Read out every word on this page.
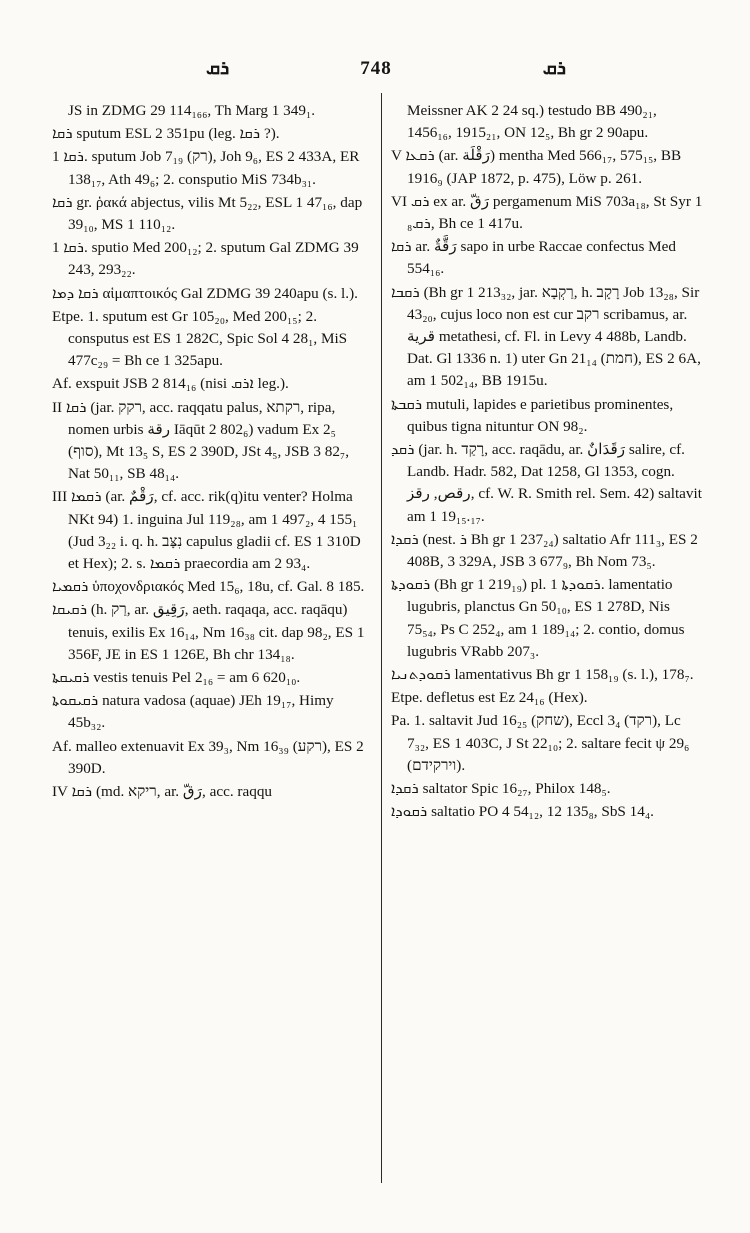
ܪܩ	748	ܪܩ

JS in ZDMG 29 114₁₆₆, Th Marg 1 349₁.

ܪܩܐ sputum ESL 2 351pu (leg. ܪܩܐ ?).

ܪܩܐ 1. sputum Job 7₁₉ (רק), Joh 9₆, ES 2 433A, ER 138₁₇, Ath 49₆; 2. consputio MiS 734b₃₁.

ܪܩܐ gr. ῥακά abjectus, vilis Mt 5₂₂, ESL 1 47₁₆, dap 39₁₀, MS 1 110₁₂.

ܪܩܐ 1. sputio Med 200₁₂; 2. sputum Gal ZDMG 39 243, 293₂₂.

ܪܩܐ ܕܡܐ αἱμαπτοικός Gal ZDMG 39 240apu (s. l.).

Etpe. 1. sputum est Gr 105₂₀, Med 200₁₅; 2. consputus est ES 1 282C, Spic Sol 4 28₁, MiS 477c₂₉ = Bh ce 1 325apu.

Af. exspuit JSB 2 814₁₆ (nisi ܐܪܩ leg.).

II ܪܩܐ (jar. רקק, acc. raqqatu palus, רקתא, ripa, nomen urbis رقة Iāqūt 2 802₆) vadum Ex 2₅ (סוף), Mt 13₅ S, ES 2 390D, JSt 4₅, JSB 3 82₇, Nat 50₁₁, SB 48₁₄.

III ܪܩܡܐ (ar. رَقْمٌ, cf. acc. rik(q)itu venter? Holma NKt 94) 1. inguina Jul 119₂₈, am 1 497₂, 4 155₁ (Jud 3₂₂ i. q. h. נִצָּב capulus gladii cf. ES 1 310D et Hex); 2. s. ܪܩܡܐ praecordia am 2 93₄.

ܪܩܡܝܐ ὑποχονδριακός Med 15₆, 18u, cf. Gal. 8 185.

ܪܩܝܩܐ (h. רַק, ar. رَقِيق, aeth. raqaqa, acc. raqāqu) tenuis, exilis Ex 16₁₄, Nm 16₃₈ cit. dap 98₂, ES 1 356F, JE in ES 1 126E, Bh chr 134₁₈.

ܪܩܝܩܬܐ vestis tenuis Pel 2₁₆ = am 6 620₁₀.

ܪܩܝܩܘܬܐ natura vadosa (aquae) JEh 19₁₇, Himy 45b₃₂.

Af. malleo extenuavit Ex 39₃, Nm 16₃₉ (רקע), ES 2 390D.

IV ܪܩܐ (md. ריקא, ar. رَقّ, acc. raqqu

Meissner AK 2 24 sq.) testudo BB 490₂₁, 1456₁₆, 1915₂₁, ON 12₅, Bh gr 2 90apu.

V ܪܩܥܐ (ar. رَقْلَة) mentha Med 566₁₇, 575₁₅, BB 1916₉ (JAP 1872, p. 475), Löw p. 261.

VI ܪܩ ex ar. رَقّ pergamenum MiS 703a₁₈, St Syr 1 ܪܩ₈, Bh ce 1 417u.

ܪܩܐ ar. رَقَّةٌ sapo in urbe Raccae confectus Med 554₁₆.

ܪܩܒܐ (Bh gr 1 213₃₂, jar. רַקְבָא, h. רָקָב Job 13₂₈, Sir 43₂₀, cujus loco non est cur רקב scribamus, ar. قرية metathesi, cf. Fl. in Levy 4 488b, Landb. Dat. Gl 1336 n. 1) uter Gn 21₁₄ (חמת), ES 2 6A, am 1 502₁₄, BB 1915u.

ܪܩܒܬܐ mutuli, lapides e parietibus prominentes, quibus tigna nituntur ON 98₂.

ܪܩܕ (jar. h. רָקַד, acc. raqādu, ar. رَقَدَانٌ salire, cf. Landb. Hadr. 582, Dat 1258, Gl 1353, cogn. رقص, رقز, cf. W. R. Smith rel. Sem. 42) saltavit am 1 19₁₅.₁₇.

ܪܩܕܐ (nest. ܪ Bh gr 1 237₂₄) saltatio Afr 111₃, ES 2 408B, 3 329A, JSB 3 677₉, Bh Nom 73₅.

ܪܩܘܕܬܐ (Bh gr 1 219₁₉) pl. ܪܩܘܕܬܐ 1. lamentatio lugubris, planctus Gn 50₁₀, ES 1 278D, Nis 75₅₄, Ps C 252₄, am 1 189₁₄; 2. contio, domus lugubris VRabb 207₃.

ܪܩܘܕܬܢܝܐ lamentativus Bh gr 1 158₁₉ (s. l.), 178₇.

Etpe. defletus est Ez 24₁₆ (Hex).

Pa. 1. saltavit Jud 16₂₅ (שחק), Eccl 3₄ (רקד), Lc 7₃₂, ES 1 403C, J St 22₁₀; 2. saltare fecit ψ 29₆ (וירקידם).

ܪܩܕܐ saltator Spic 16₂₇, Philox 148₅.

ܪܩܘܕܐ saltatio PO 4 54₁₂, 12 135₈, SbS 14₄.
